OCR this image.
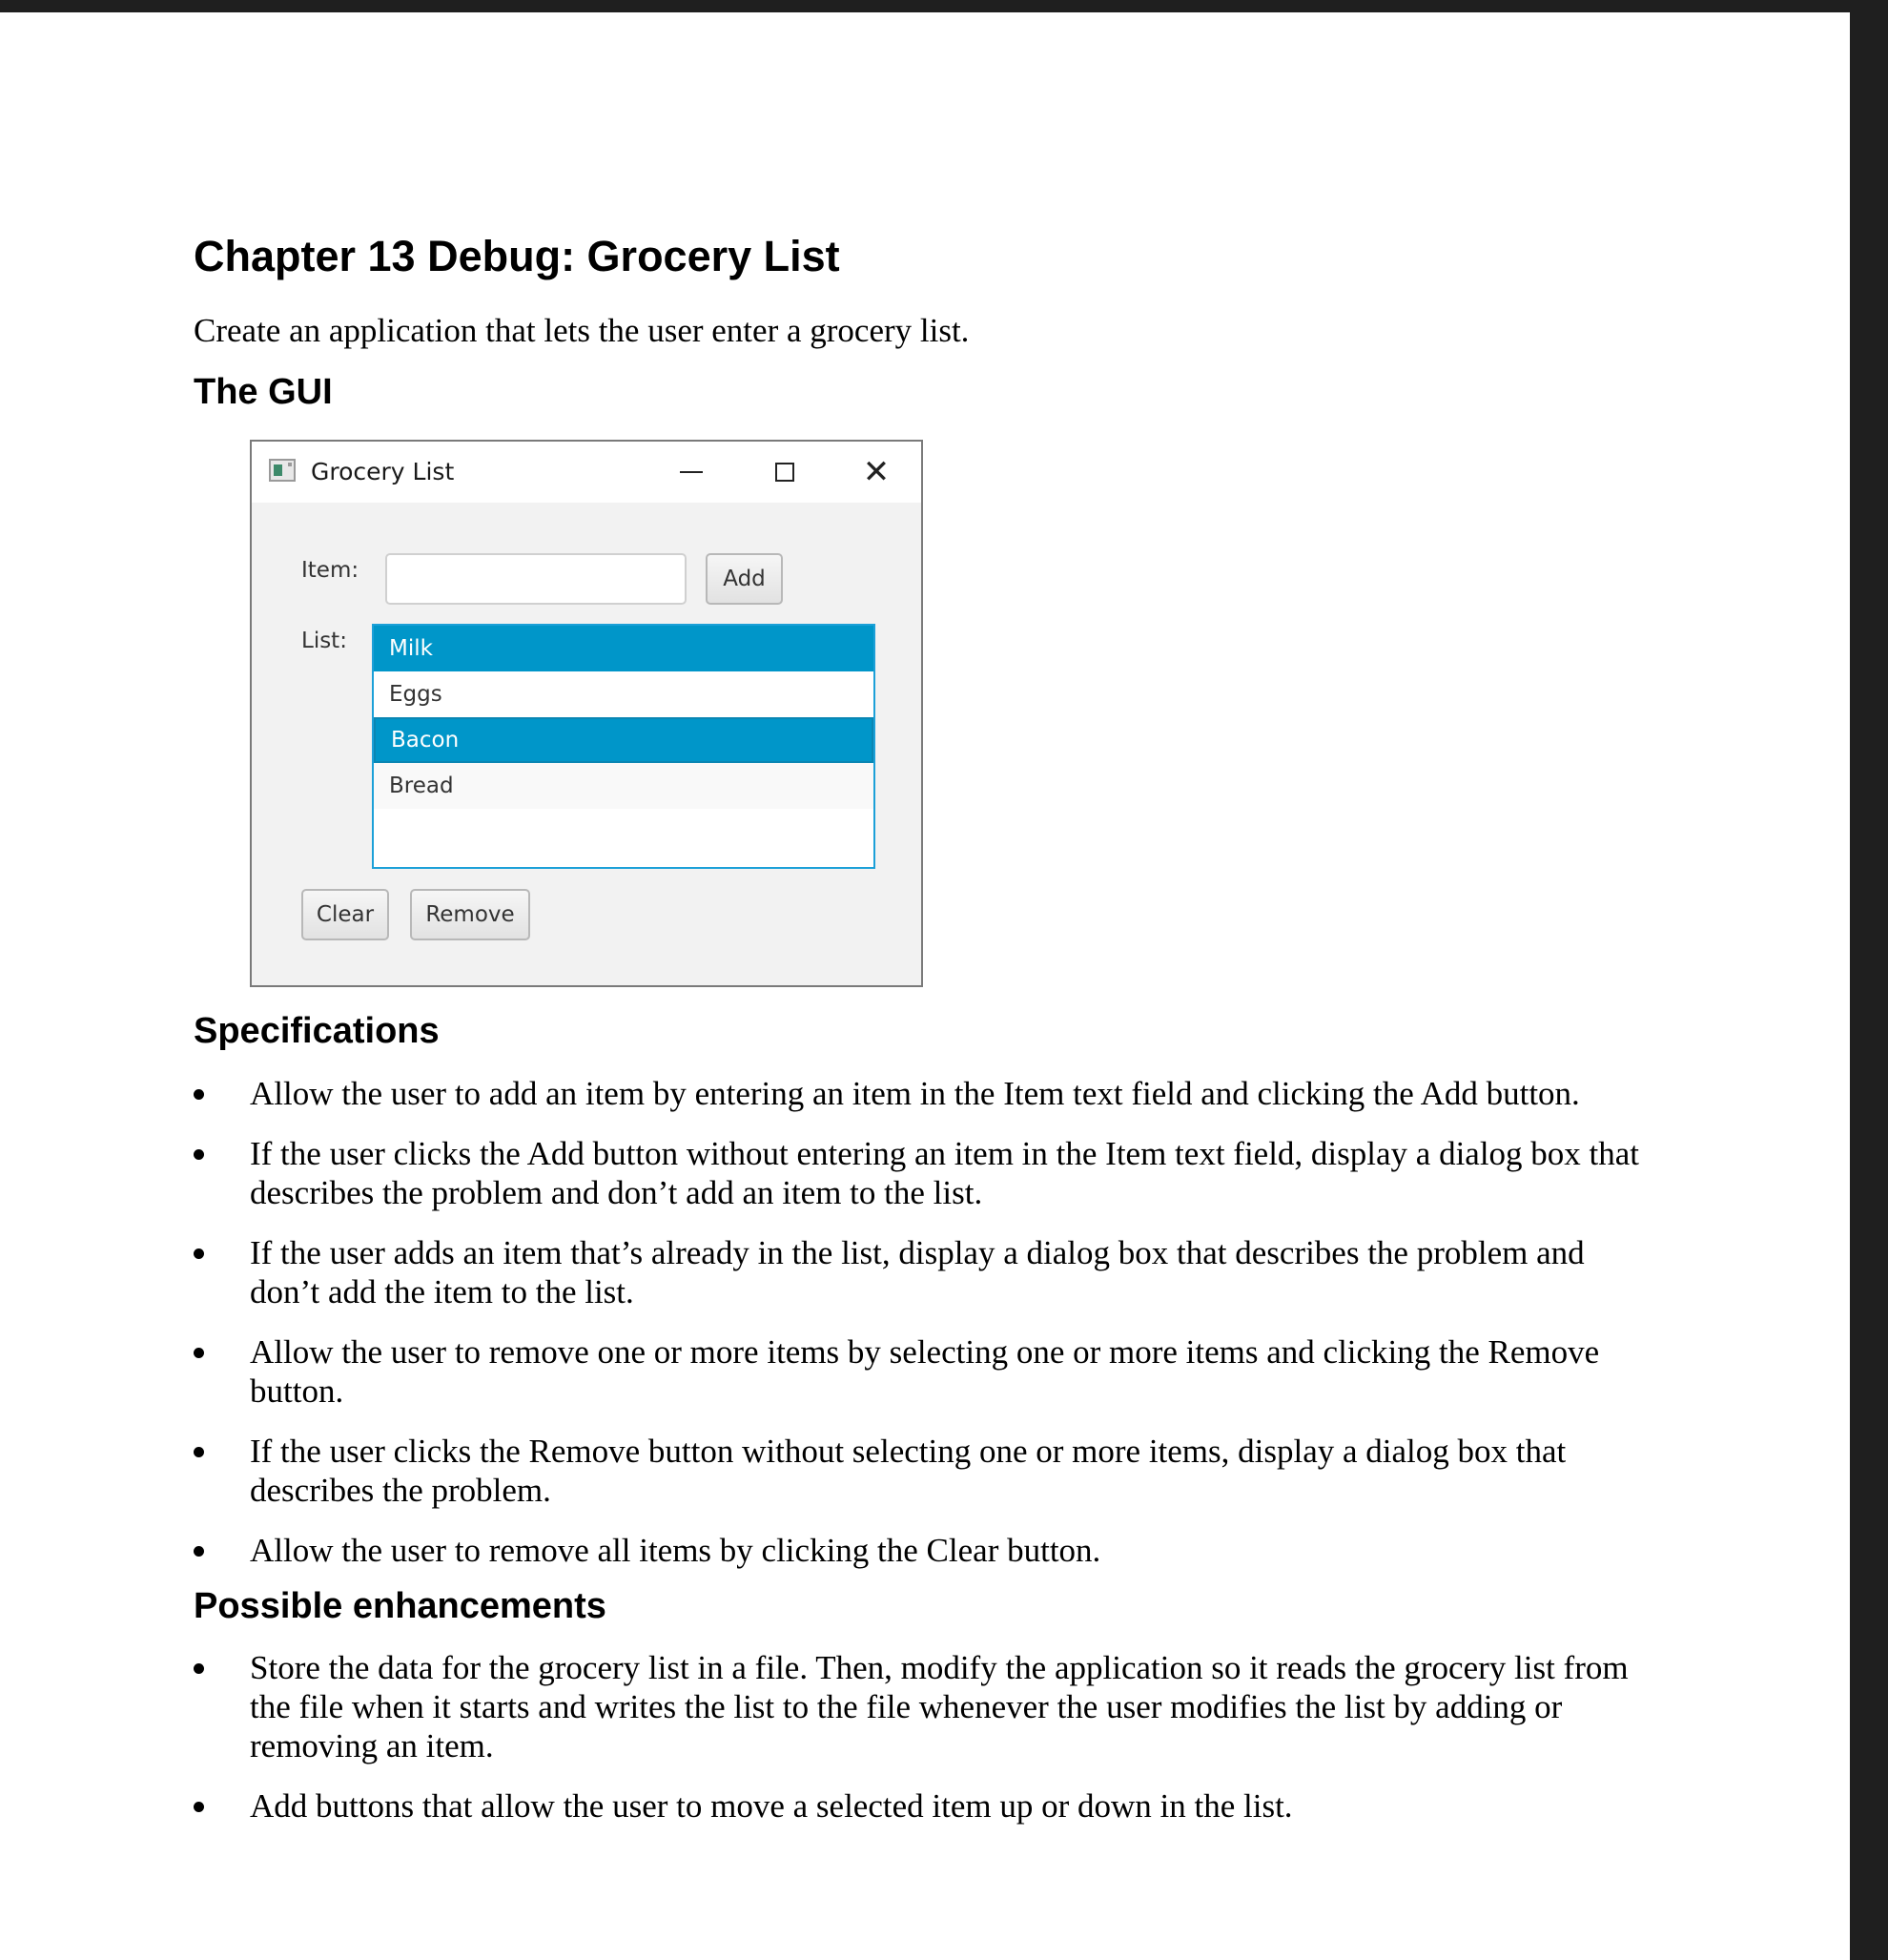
Chapter 13 Debug: Grocery List

Create an application that lets the user enter a grocery list.

The GUI
Grocery List	✕
Item:	Add
List:	Milk
Eggs
Bacon
Bread
Clear	Remove
Specifications
Allow the user to add an item by entering an item in the Item text field and clicking the Add button.
If the user clicks the Add button without entering an item in the Item text field, display a dialog box that describes the problem and don’t add an item to the list.
If the user adds an item that’s already in the list, display a dialog box that describes the problem and don’t add the item to the list.
Allow the user to remove one or more items by selecting one or more items and clicking the Remove button.
If the user clicks the Remove button without selecting one or more items, display a dialog box that describes the problem.
Allow the user to remove all items by clicking the Clear button.
Possible enhancements
Store the data for the grocery list in a file. Then, modify the application so it reads the grocery list from the file when it starts and writes the list to the file whenever the user modifies the list by adding or removing an item.
Add buttons that allow the user to move a selected item up or down in the list.
